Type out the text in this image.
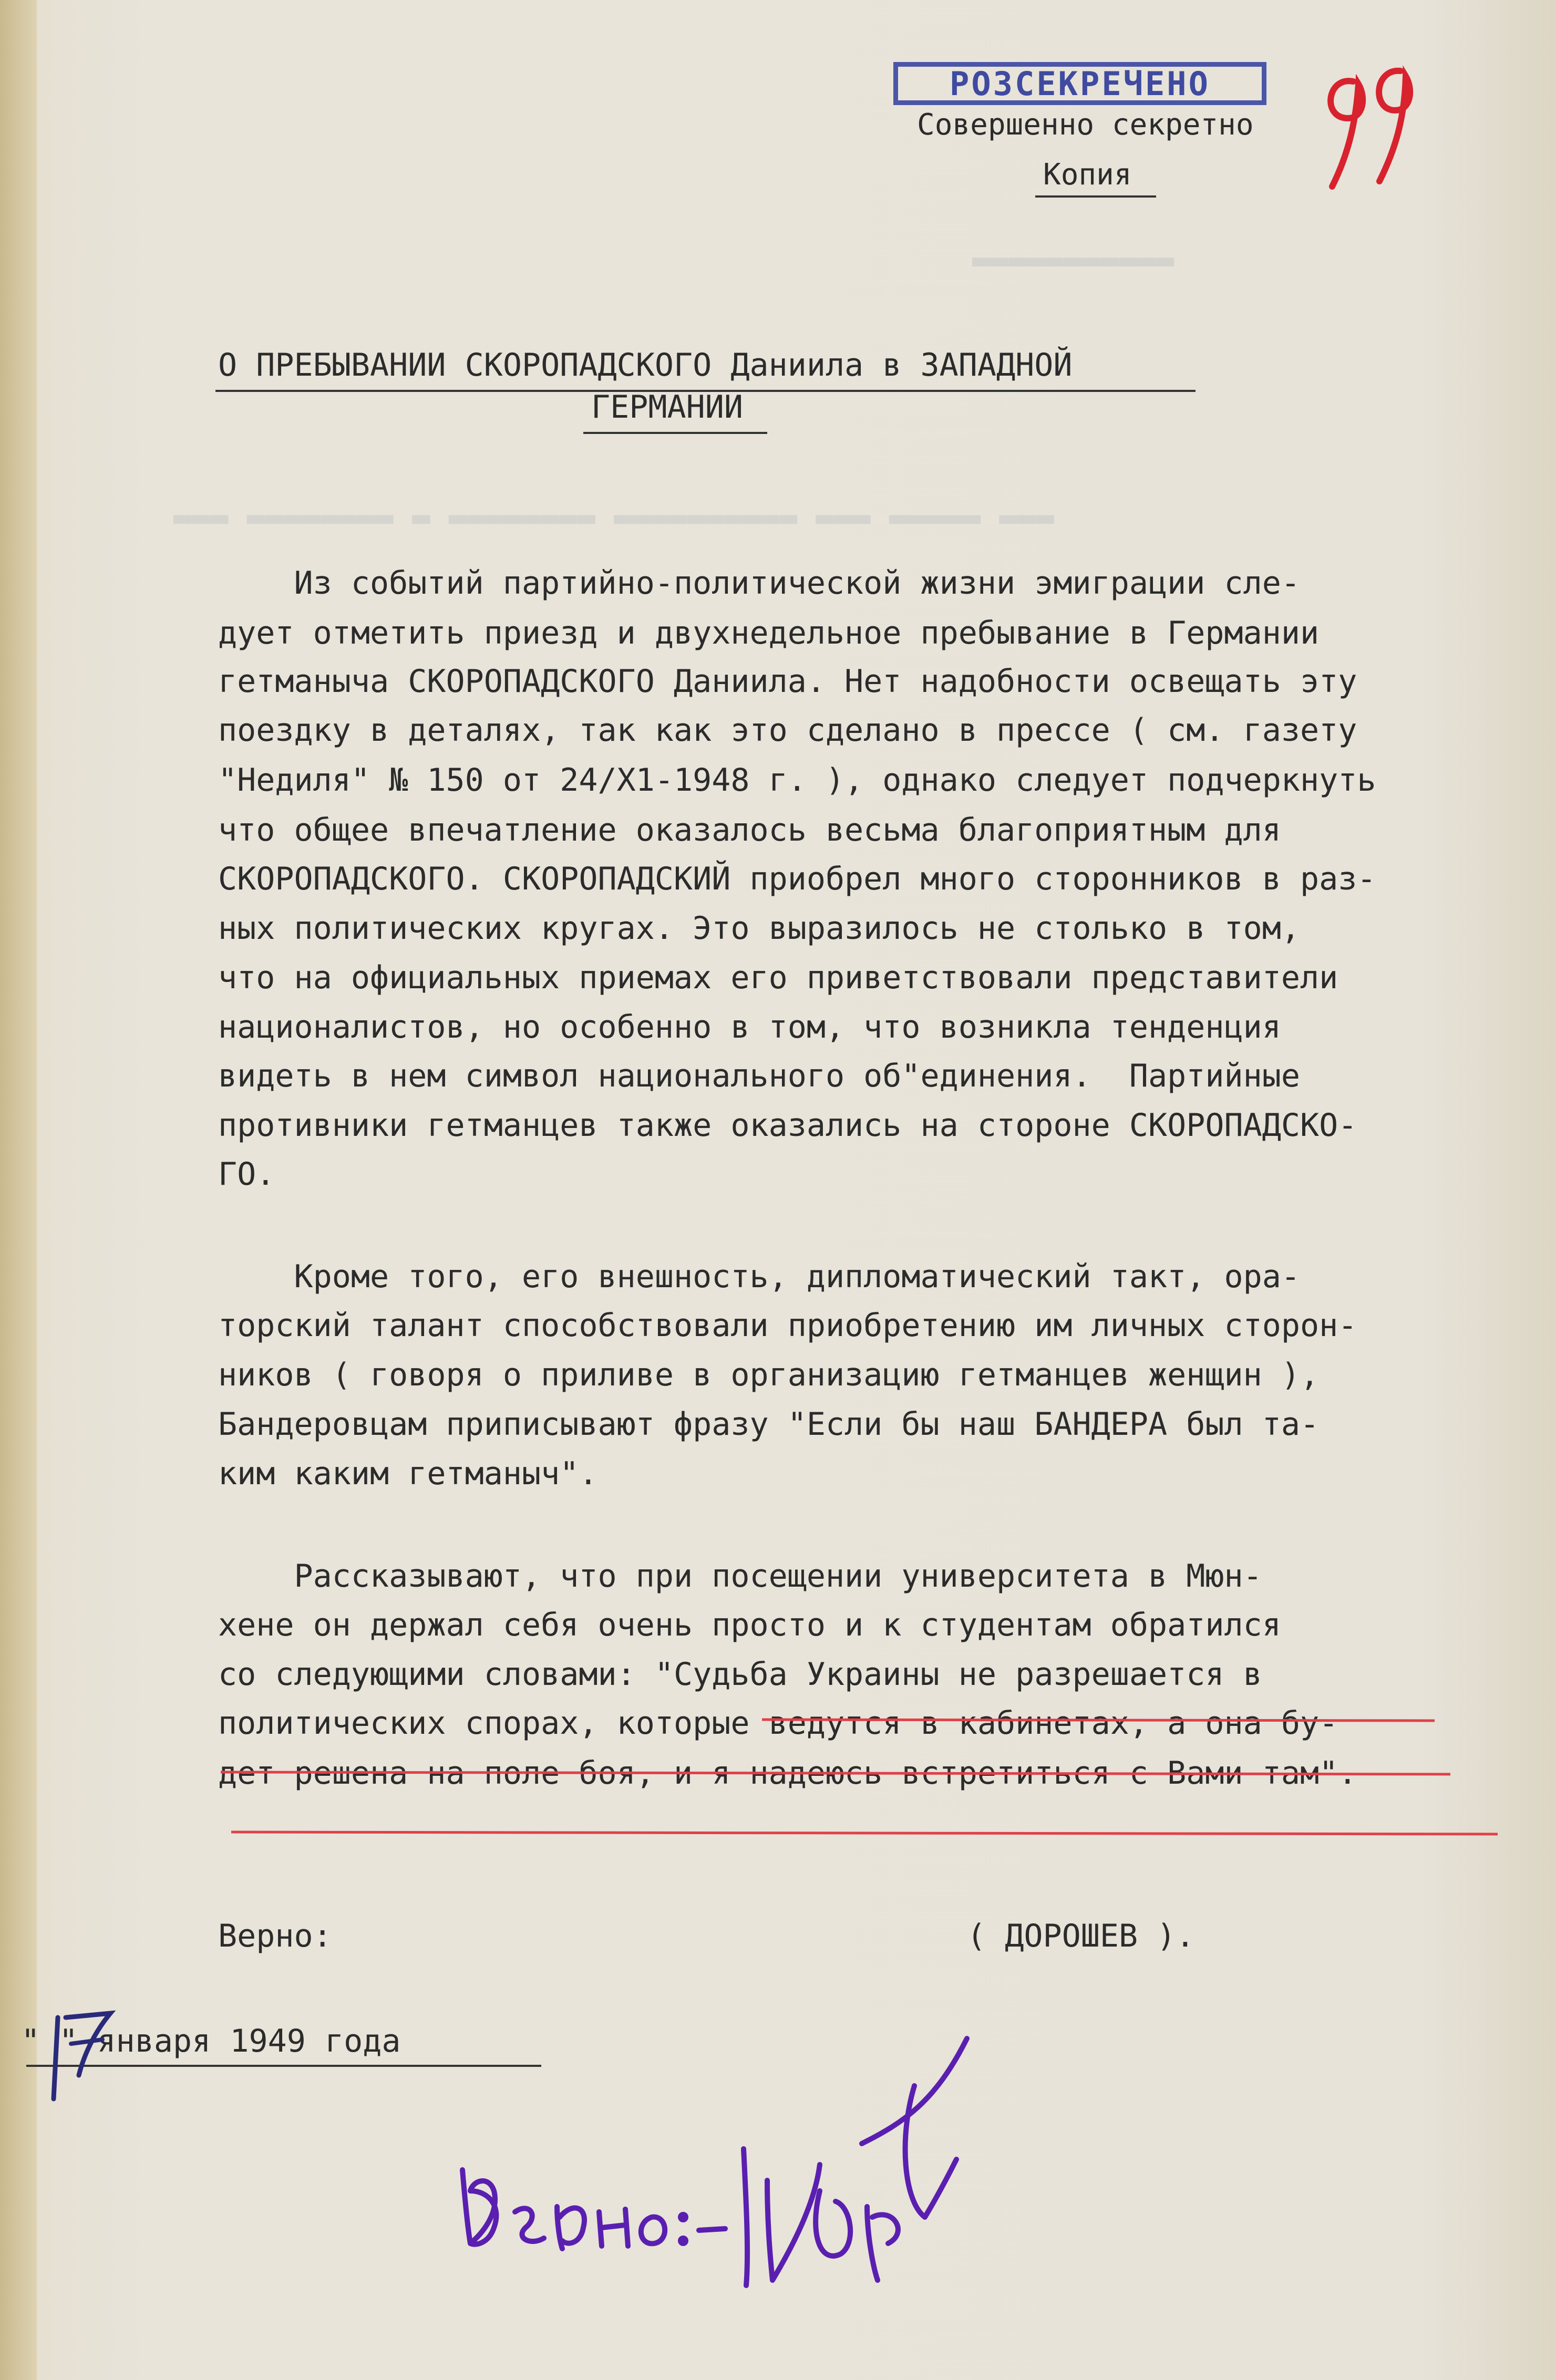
▬▬▬ ▬▬▬▬▬▬▬▬ ▬ ▬▬▬▬▬▬▬▬ ▬▬▬▬▬▬▬▬▬▬ ▬▬▬ ▬▬▬▬▬ ▬▬▬
▬▬▬▬▬▬▬▬▬▬▬
РОЗСЕКРЕЧЕНО
Совершенно секретно
Копия	99
О ПРЕБЫВАНИИ СКОРОПАДСКОГО Даниила в ЗАПАДНОЙ
ГЕРМАНИИ
Из событий партийно-политической жизни эмиграции сле-
дует отметить приезд и двухнедельное пребывание в Германии
гетманыча СКОРОПАДСКОГО Даниила. Нет надобности освещать эту
поездку в деталях, так как это сделано в прессе ( см. газету
"Недиля" № 150 от 24/Х1-1948 г. ), однако следует подчеркнуть
что общее впечатление оказалось весьма благоприятным для
СКОРОПАДСКОГО. СКОРОПАДСКИЙ приобрел много сторонников в раз-
ных политических кругах. Это выразилось не столько в том,
что на официальных приемах его приветствовали представители
националистов, но особенно в том, что возникла тенденция
видеть в нем символ национального об"единения.  Партийные
противники гетманцев также оказались на стороне СКОРОПАДСКО-
ГО.
Кроме того, его внешность, дипломатический такт, ора-
торский талант способствовали приобретению им личных сторон-
ников ( говоря о приливе в организацию гетманцев женщин ),
Бандеровцам приписывают фразу "Если бы наш БАНДЕРА был та-
ким каким гетманыч".
Рассказывают, что при посещении университета в Мюн-
хене он держал себя очень просто и к студентам обратился
со следующими словами: "Судьба Украины не разрешается в
политических спорах, которые ведутся в кабинетах, а она бу-
дет решена на поле боя, и я надеюсь встретиться с Вами там".
Верно:	( ДОРОШЕВ ).
" " января 1949 года	Верно:-
